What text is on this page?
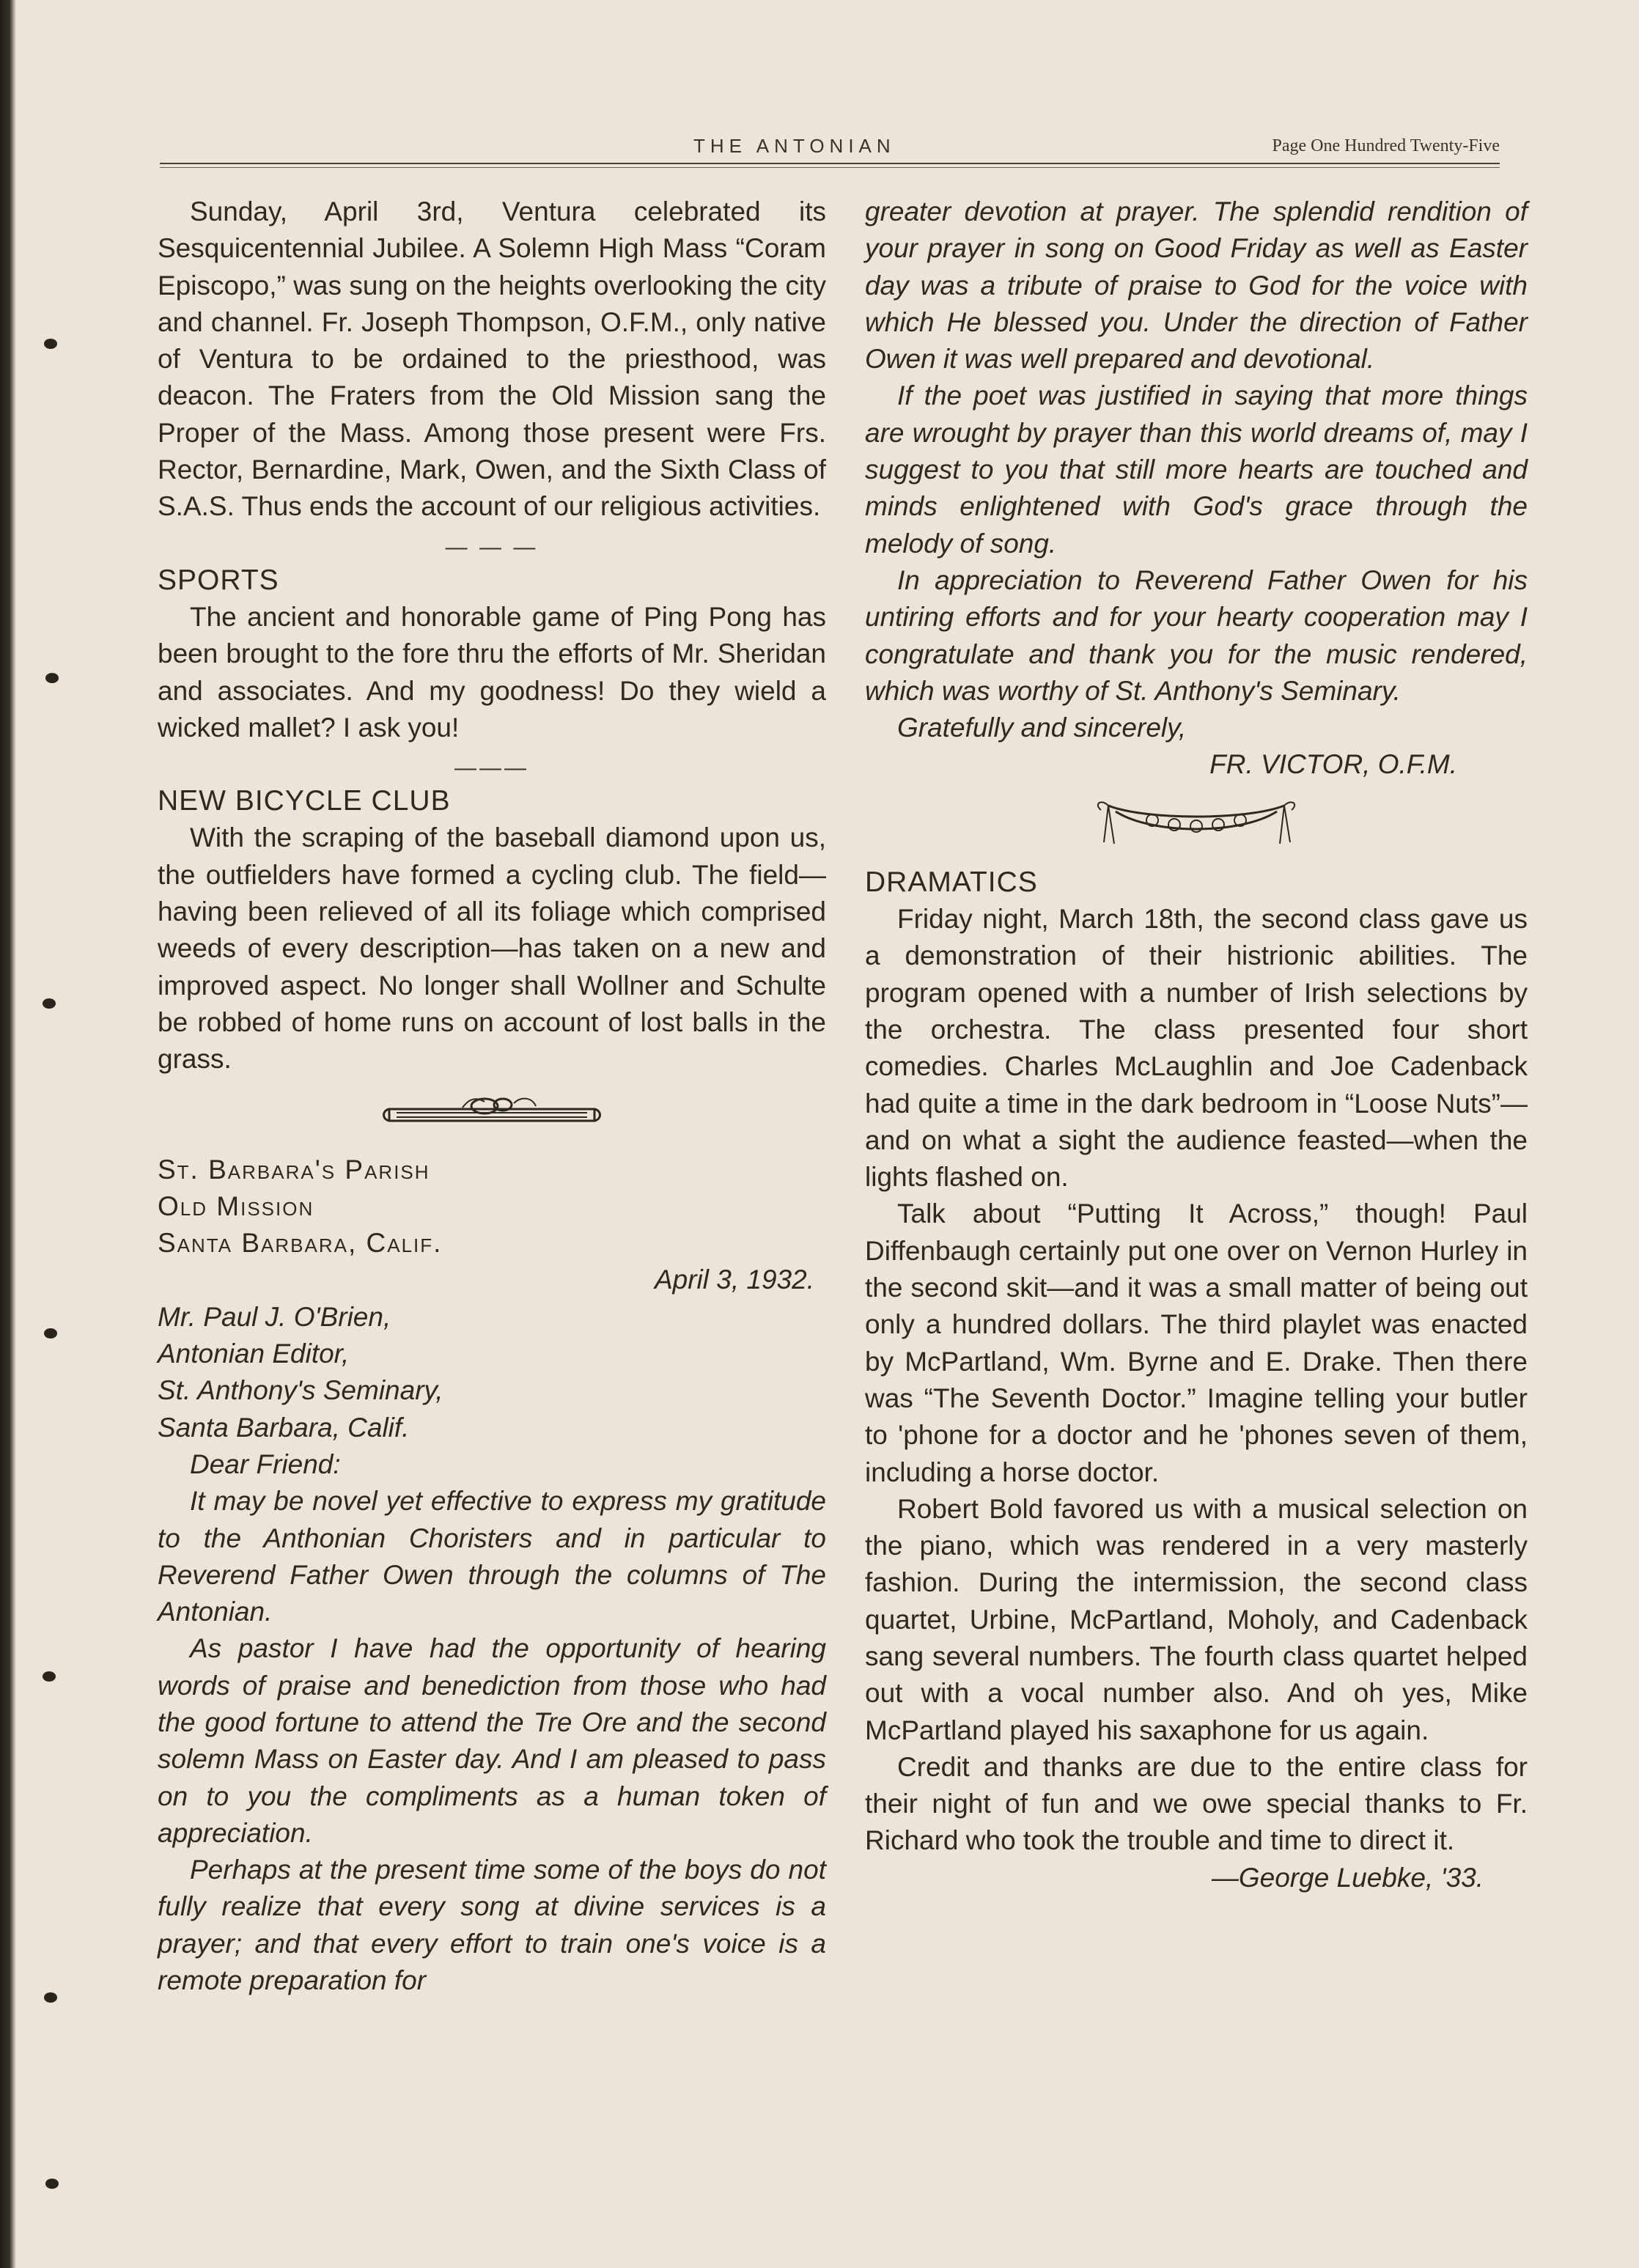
THE ANTONIAN	Page One Hundred Twenty-Five

Sunday, April 3rd, Ventura celebrated its Sesquicentennial Jubilee. A Solemn High Mass “Coram Episcopo,” was sung on the heights overlooking the city and channel. Fr. Joseph Thompson, O.F.M., only native of Ventura to be ordained to the priesthood, was deacon. The Fraters from the Old Mission sang the Proper of the Mass. Among those present were Frs. Rector, Bernardine, Mark, Owen, and the Sixth Class of S.A.S. Thus ends the account of our religious activities.

— — —

SPORTS

The ancient and honorable game of Ping Pong has been brought to the fore thru the efforts of Mr. Sheridan and associates. And my goodness! Do they wield a wicked mallet? I ask you!

———

NEW BICYCLE CLUB

With the scraping of the baseball diamond upon us, the outfielders have formed a cycling club. The field—having been relieved of all its foliage which comprised weeds of every description—has taken on a new and improved aspect. No longer shall Wollner and Schulte be robbed of home runs on account of lost balls in the grass.

St. Barbara's Parish

Old Mission

Santa Barbara, Calif.

April 3, 1932.

Mr. Paul J. O'Brien,

Antonian Editor,

St. Anthony's Seminary,

Santa Barbara, Calif.

Dear Friend:

It may be novel yet effective to express my gratitude to the Anthonian Choristers and in particular to Reverend Father Owen through the columns of The Antonian.

As pastor I have had the opportunity of hearing words of praise and benediction from those who had the good fortune to attend the Tre Ore and the second solemn Mass on Easter day. And I am pleased to pass on to you the compliments as a human token of appreciation.

Perhaps at the present time some of the boys do not fully realize that every song at divine services is a prayer; and that every effort to train one's voice is a remote preparation for

greater devotion at prayer. The splendid rendition of your prayer in song on Good Friday as well as Easter day was a tribute of praise to God for the voice with which He blessed you. Under the direction of Father Owen it was well prepared and devotional.

If the poet was justified in saying that more things are wrought by prayer than this world dreams of, may I suggest to you that still more hearts are touched and minds enlightened with God's grace through the melody of song.

In appreciation to Reverend Father Owen for his untiring efforts and for your hearty cooperation may I congratulate and thank you for the music rendered, which was worthy of St. Anthony's Seminary.

Gratefully and sincerely,

FR. VICTOR, O.F.M.

DRAMATICS

Friday night, March 18th, the second class gave us a demonstration of their histrionic abilities. The program opened with a number of Irish selections by the orchestra. The class presented four short comedies. Charles McLaughlin and Joe Cadenback had quite a time in the dark bedroom in “Loose Nuts”—and on what a sight the audience feasted—when the lights flashed on.

Talk about “Putting It Across,” though! Paul Diffenbaugh certainly put one over on Vernon Hurley in the second skit—and it was a small matter of being out only a hundred dollars. The third playlet was enacted by McPartland, Wm. Byrne and E. Drake. Then there was “The Seventh Doctor.” Imagine telling your butler to 'phone for a doctor and he 'phones seven of them, including a horse doctor.

Robert Bold favored us with a musical selection on the piano, which was rendered in a very masterly fashion. During the intermission, the second class quartet, Urbine, McPartland, Moholy, and Cadenback sang several numbers. The fourth class quartet helped out with a vocal number also. And oh yes, Mike McPartland played his saxaphone for us again.

Credit and thanks are due to the entire class for their night of fun and we owe special thanks to Fr. Richard who took the trouble and time to direct it.

—George Luebke, '33.
